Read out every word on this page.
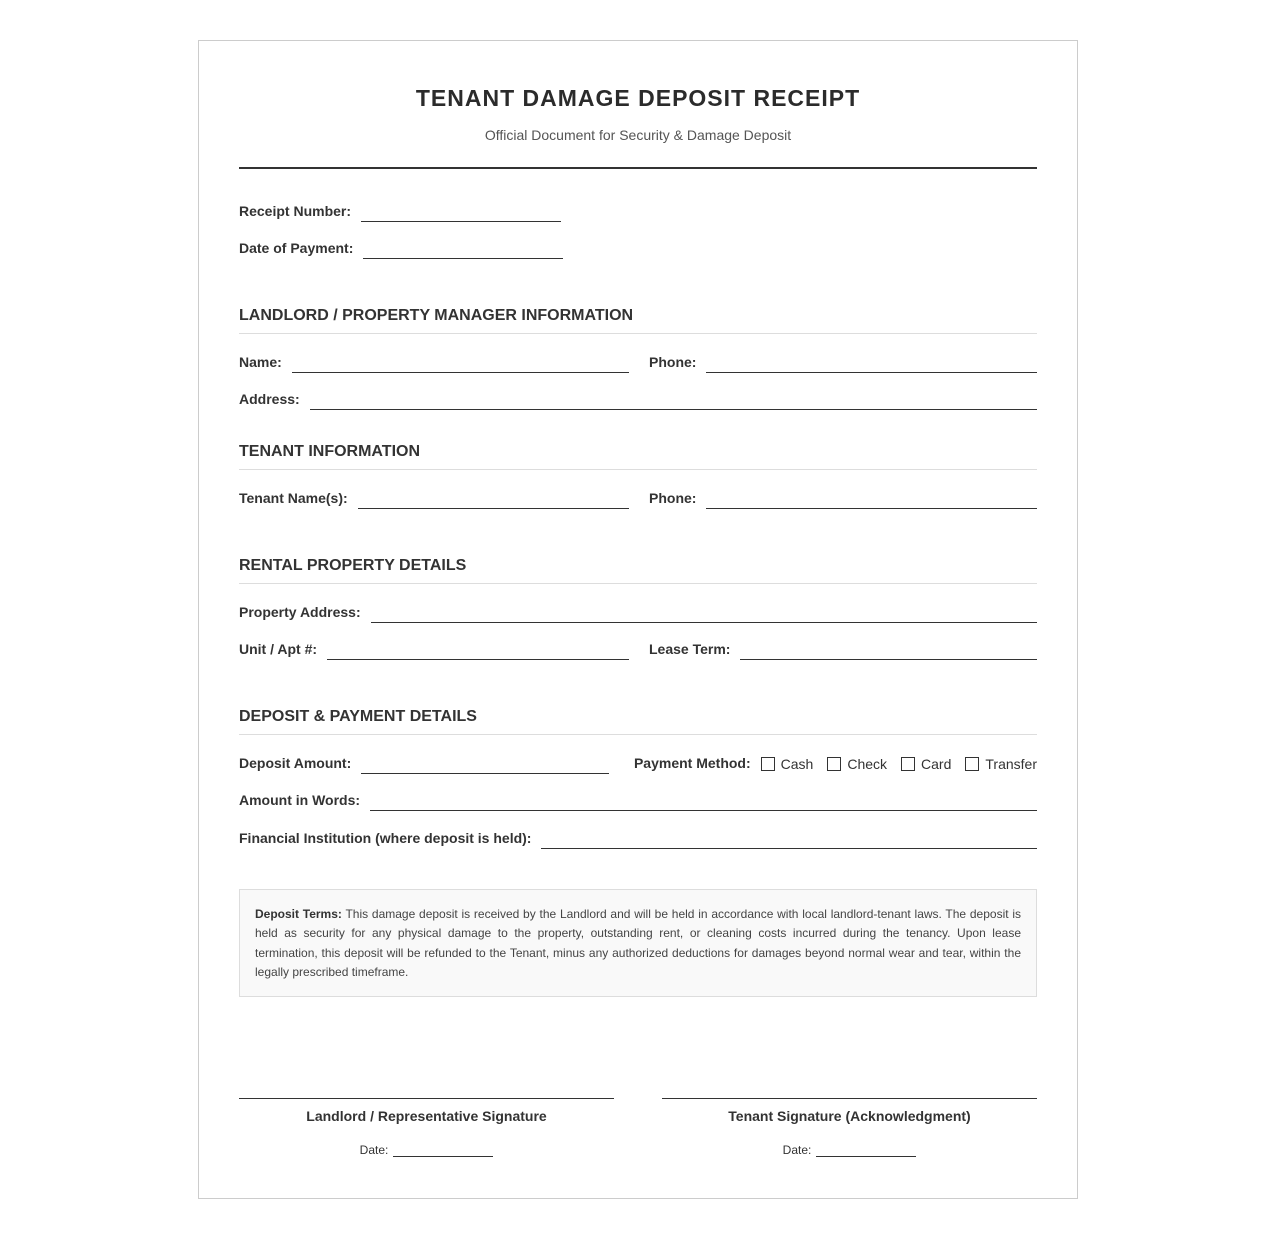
TENANT DAMAGE DEPOSIT RECEIPT
Official Document for Security & Damage Deposit
Receipt Number:
Date of Payment:
LANDLORD / PROPERTY MANAGER INFORMATION
Name:	Phone:
Address:
TENANT INFORMATION
Tenant Name(s):	Phone:
RENTAL PROPERTY DETAILS
Property Address:
Unit / Apt #:	Lease Term:
DEPOSIT & PAYMENT DETAILS
Deposit Amount:	Payment Method: Cash Check Card Transfer
Amount in Words:
Financial Institution (where deposit is held):
Deposit Terms: This damage deposit is received by the Landlord and will be held in accordance with local landlord-tenant laws. The deposit is held as security for any physical damage to the property, outstanding rent, or cleaning costs incurred during the tenancy. Upon lease termination, this deposit will be refunded to the Tenant, minus any authorized deductions for damages beyond normal wear and tear, within the legally prescribed timeframe.
Landlord / Representative Signature
Date:
Tenant Signature (Acknowledgment)
Date:
